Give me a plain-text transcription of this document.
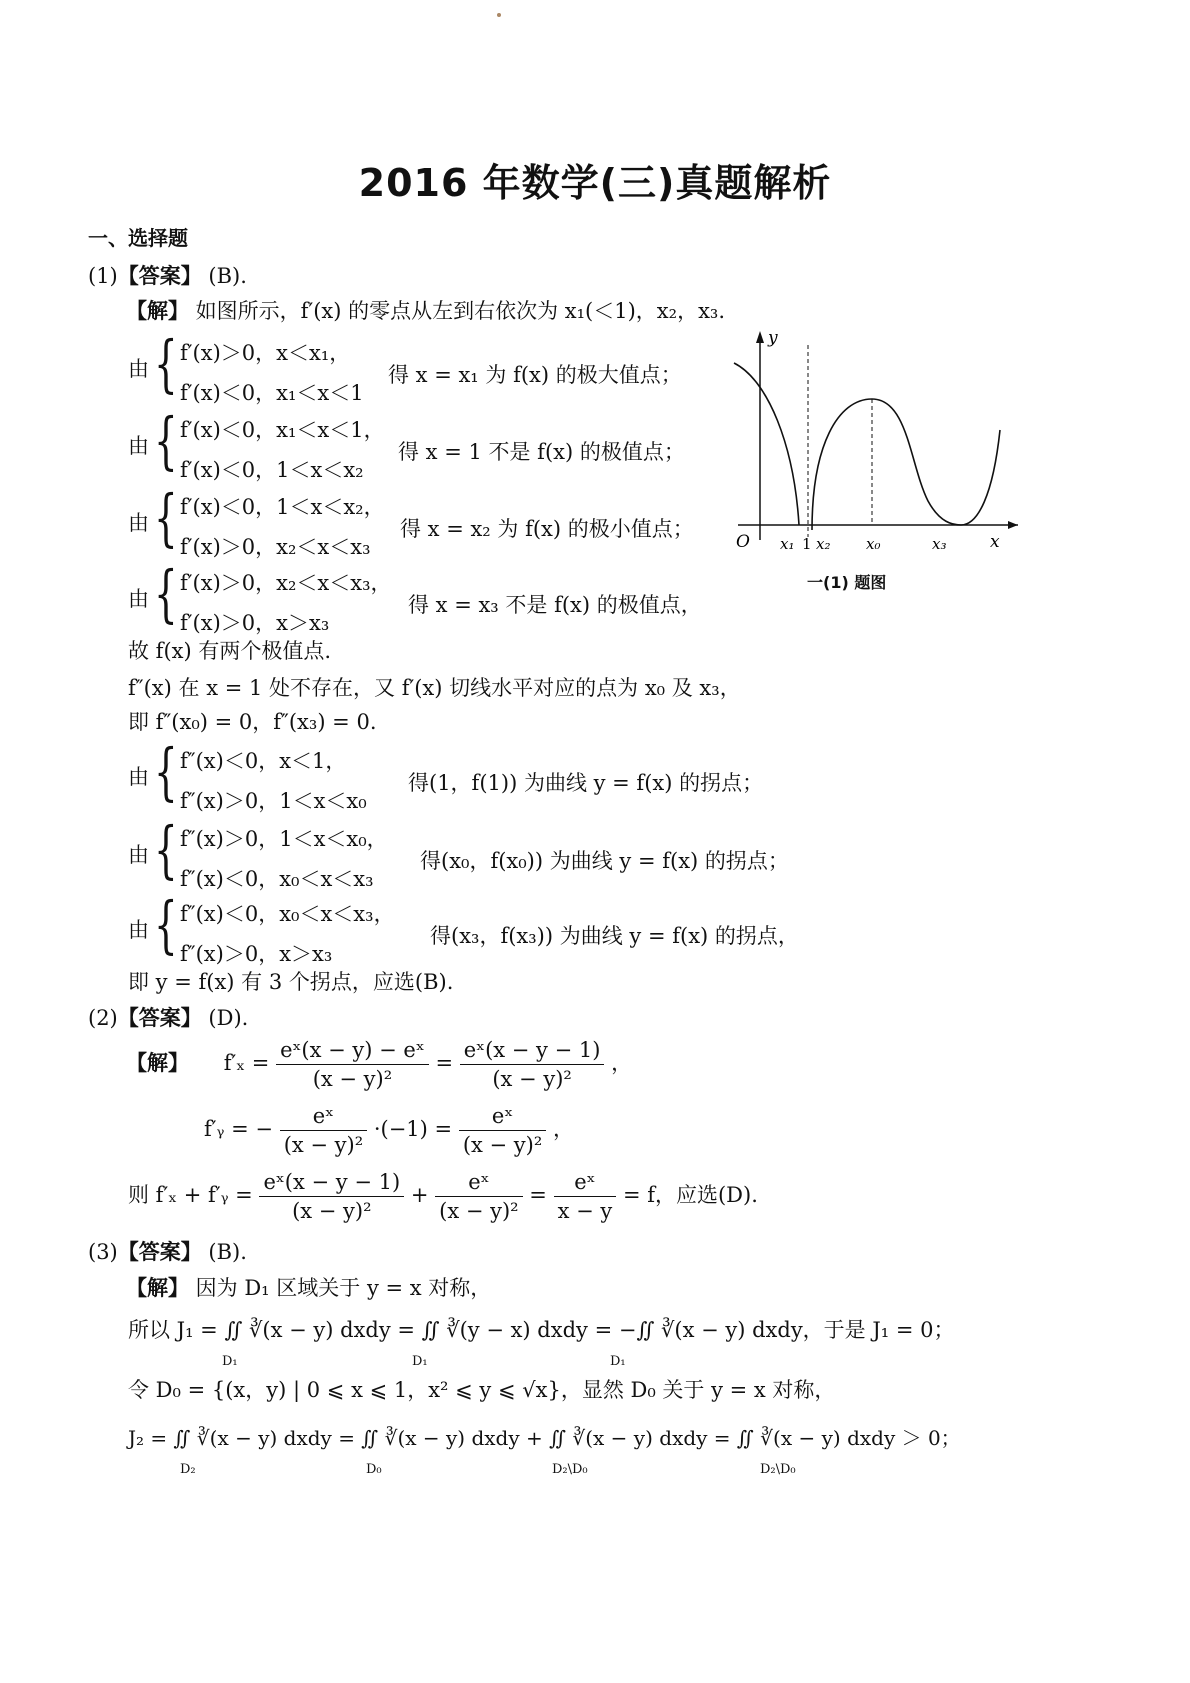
2016 年数学(三)真题解析
一、选择题
(1)【答案】 (B).
【解】 如图所示，f′(x) 的零点从左到右依次为 x₁(＜1)，x₂，x₃.
由 { f′(x)＞0，x＜x₁，
f′(x)＜0，x₁＜x＜1
得 x = x₁ 为 f(x) 的极大值点；
由 { f′(x)＜0，x₁＜x＜1，
f′(x)＜0，1＜x＜x₂
得 x = 1 不是 f(x) 的极值点；
由 { f′(x)＜0，1＜x＜x₂，
f′(x)＞0，x₂＜x＜x₃
得 x = x₂ 为 f(x) 的极小值点；
由 { f′(x)＞0，x₂＜x＜x₃，
f′(x)＞0，x＞x₃
得 x = x₃ 不是 f(x) 的极值点，
y
x
O x₁ 1 x₂ x₀	x₃
一(1) 题图
故 f(x) 有两个极值点.
f″(x) 在 x = 1 处不存在，又 f′(x) 切线水平对应的点为 x₀ 及 x₃，
即 f″(x₀) = 0，f″(x₃) = 0.
由 { f″(x)＜0，x＜1，
f″(x)＞0，1＜x＜x₀
得(1，f(1)) 为曲线 y = f(x) 的拐点；
由 { f″(x)＞0，1＜x＜x₀，
f″(x)＜0，x₀＜x＜x₃
得(x₀，f(x₀)) 为曲线 y = f(x) 的拐点；
由 { f″(x)＜0，x₀＜x＜x₃，
f″(x)＞0，x＞x₃
得(x₃，f(x₃)) 为曲线 y = f(x) 的拐点，
即 y = f(x) 有 3 个拐点，应选(B).
(2)【答案】 (D).
【解】 $f'_x = \frac{\text{eˣ(x − y) − eˣ}}{\text{(x − y)²}} = \frac{\text{eˣ(x − y − 1)}}{\text{(x − y)²}}$ ，
f′ᵧ = − $\frac{\text{eˣ}}{\text{(x − y)²}} \cdot(-1) = \frac{\text{eˣ}}{\text{(x − y)²}}$ ，
则 f′ₓ + f′ᵧ = $\frac{\text{eˣ(x − y − 1)}}{\text{(x − y)²}} + \frac{\text{eˣ}}{\text{(x − y)²}} = \frac{\text{eˣ}}{x - y} = f$，应选(D).
(3)【答案】 (B).
【解】 因为 D₁ 区域关于 y = x 对称，
所以 J₁ = ∬ ∛(x − y) dxdy = ∬ ∛(y − x) dxdy = −∬ ∛(x − y) dxdy，于是 J₁ = 0；
D₁	D₁	D₁
令 D₀ = {(x，y) | 0 ⩽ x ⩽ 1，x² ⩽ y ⩽ √x}，显然 D₀ 关于 y = x 对称，
J₂ = ∬ ∛(x − y) dxdy = ∬ ∛(x − y) dxdy + ∬ ∛(x − y) dxdy = ∬ ∛(x − y) dxdy ＞ 0；
D₂	D₀	D₂\D₀	D₂\D₀
